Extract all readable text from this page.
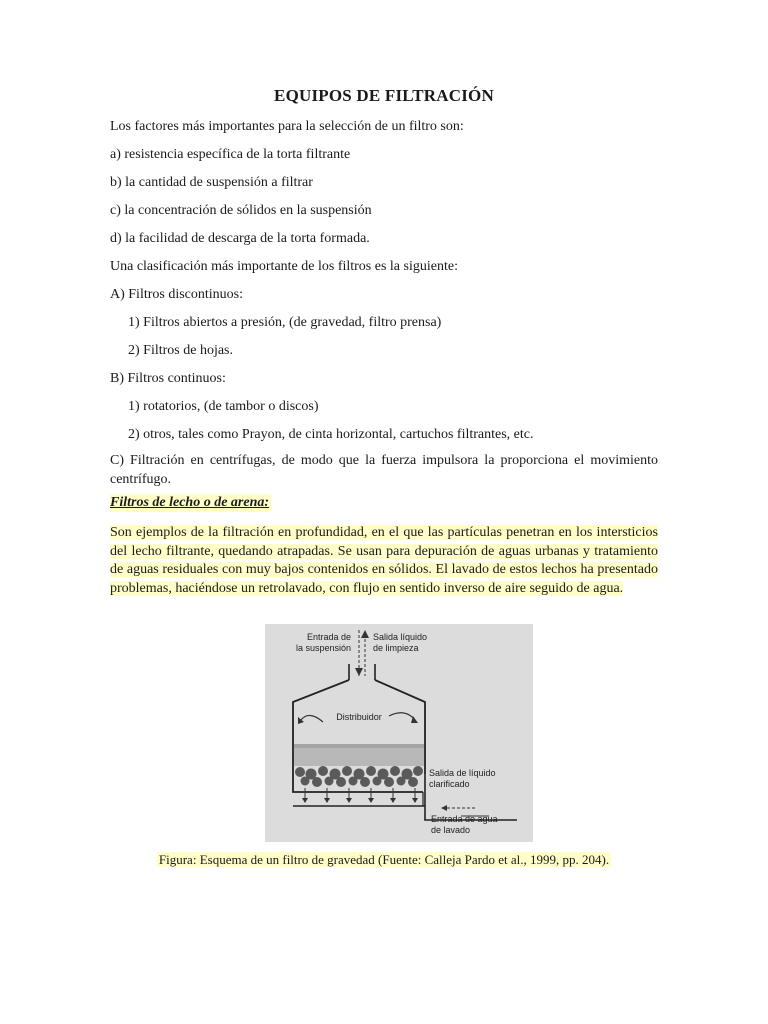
EQUIPOS DE FILTRACIÓN
Los factores más importantes para la selección de un filtro son:
a) resistencia específica de la torta filtrante
b) la cantidad de suspensión a filtrar
c) la concentración de sólidos en la suspensión
d) la facilidad de descarga de la torta formada.
Una clasificación más importante de los filtros es la siguiente:
A) Filtros discontinuos:
1) Filtros abiertos a presión, (de gravedad, filtro prensa)
2) Filtros de hojas.
B) Filtros continuos:
1) rotatorios, (de tambor o discos)
2) otros, tales como Prayon, de cinta horizontal, cartuchos filtrantes, etc.
C) Filtración en centrífugas, de modo que la fuerza impulsora la proporciona el movimiento centrífugo.
Filtros de lecho o de arena:
Son ejemplos de la filtración en profundidad, en el que las partículas penetran en los intersticios del lecho filtrante, quedando atrapadas. Se usan para depuración de aguas urbanas y tratamiento de aguas residuales con muy bajos contenidos en sólidos. El lavado de estos lechos ha presentado problemas, haciéndose un retrolavado, con flujo en sentido inverso de aire seguido de agua.
Entrada de
la suspensión
Salida líquido
de limpieza
Distribuidor
Salida de líquido
clarificado
Entrada de agua
de lavado
Figura: Esquema de un filtro de gravedad (Fuente: Calleja Pardo et al., 1999, pp. 204).
